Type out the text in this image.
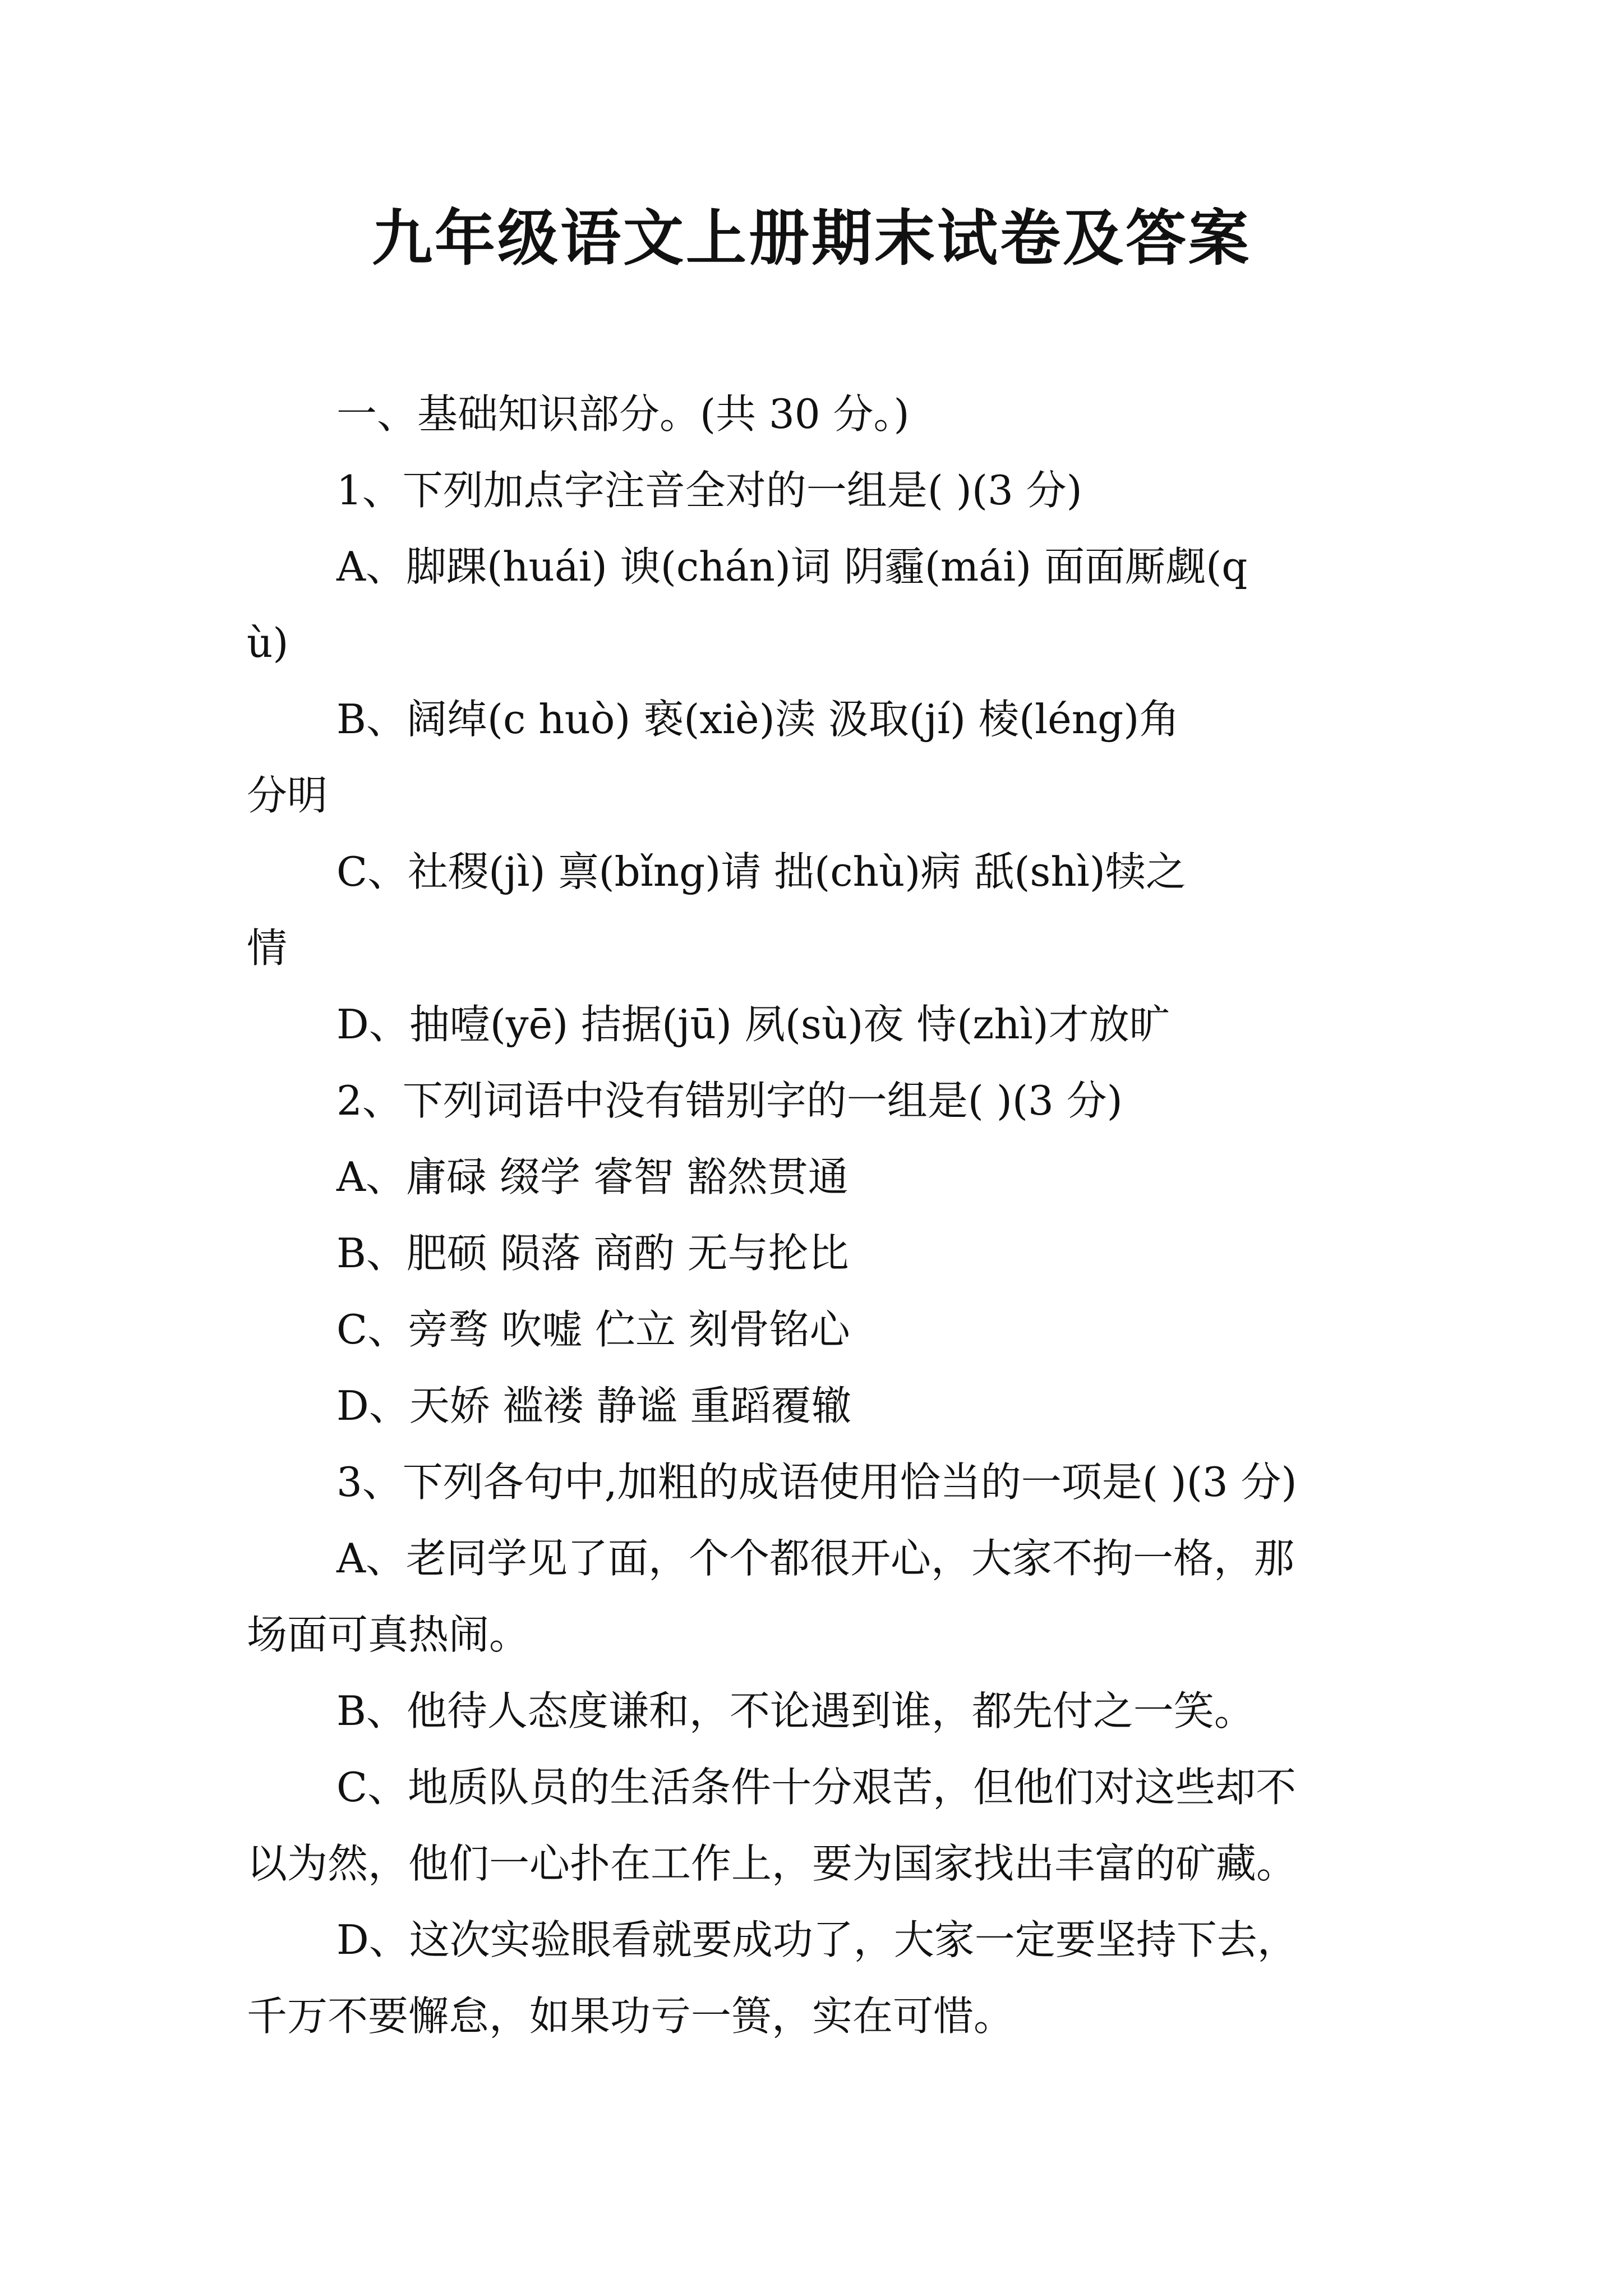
九年级语文上册期末试卷及答案

一、基础知识部分。(共 30 分。)

1、下列加点字注音全对的一组是( )(3 分)

A、脚踝(huái) 谀(chán)词 阴霾(mái) 面面厮觑(q

ù)

B、阔绰(c huò) 亵(xiè)渎 汲取(jí) 棱(léng)角

分明

C、社稷(jì) 禀(bǐng)请 拙(chù)病 舐(shì)犊之

情

D、抽噎(yē) 拮据(jū) 夙(sù)夜 恃(zhì)才放旷

2、下列词语中没有错别字的一组是( )(3 分)

A、庸碌 缀学 睿智 豁然贯通

B、肥硕 陨落 商酌 无与抡比

C、旁骛 吹嘘 伫立 刻骨铭心

D、天娇 褴褛 静谧 重蹈覆辙

3、下列各句中,加粗的成语使用恰当的一项是( )(3 分)

A、老同学见了面，个个都很开心，大家不拘一格，那

场面可真热闹。

B、他待人态度谦和，不论遇到谁，都先付之一笑。

C、地质队员的生活条件十分艰苦，但他们对这些却不

以为然，他们一心扑在工作上，要为国家找出丰富的矿藏。

D、这次实验眼看就要成功了，大家一定要坚持下去，

千万不要懈怠，如果功亏一篑，实在可惜。
